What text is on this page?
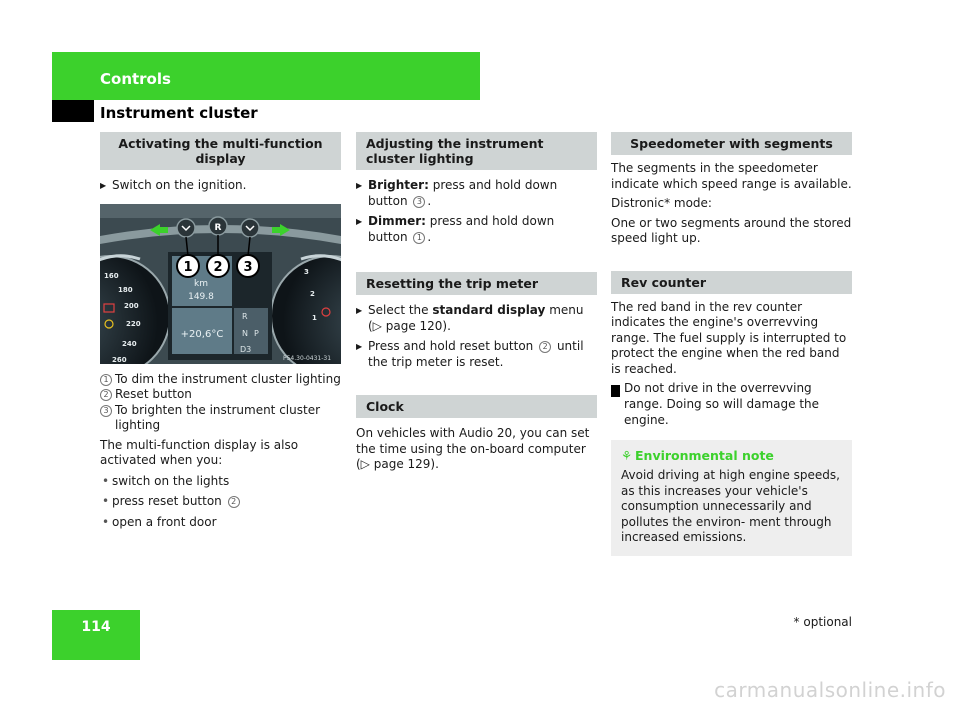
Controls
Instrument cluster
Activating the multi-function display
▶ Switch on the ignition.
km
149.8
+20,6°C
R
N P
D3
P54.30-0431-31
160
180
200
220
240
260
3
2
1
R
1 2 3
1 To dim the instrument cluster lighting
2 Reset button
3 To brighten the instrument cluster lighting

The multi-function display is also activated when you:

• switch on the lights
• press reset button 2
• open a front door
Adjusting the instrument cluster lighting
▶ Brighter: press and hold down button 3 .
▶ Dimmer: press and hold down button 1 .
Resetting the trip meter
▶ Select the standard display menu
(▷ page 120).
▶ Press and hold reset button 2 until the trip meter is reset.
Clock

On vehicles with Audio 20, you can set the time using the on-board computer
(▷ page 129).

Speedometer with segments

The segments in the speedometer indicate which speed range is available.

Distronic* mode:

One or two segments around the stored speed light up.

Rev counter

The red band in the rev counter indicates the engine's overrevving range. The fuel supply is interrupted to protect the engine when the red band is reached.

! Do not drive in the overrevving range. Doing so will damage the engine.

⚘ Environmental note

Avoid driving at high engine speeds, as this increases your vehicle's consumption unnecessarily and pollutes the environ- ment through increased emissions.

114	* optional
carmanualsonline.info
